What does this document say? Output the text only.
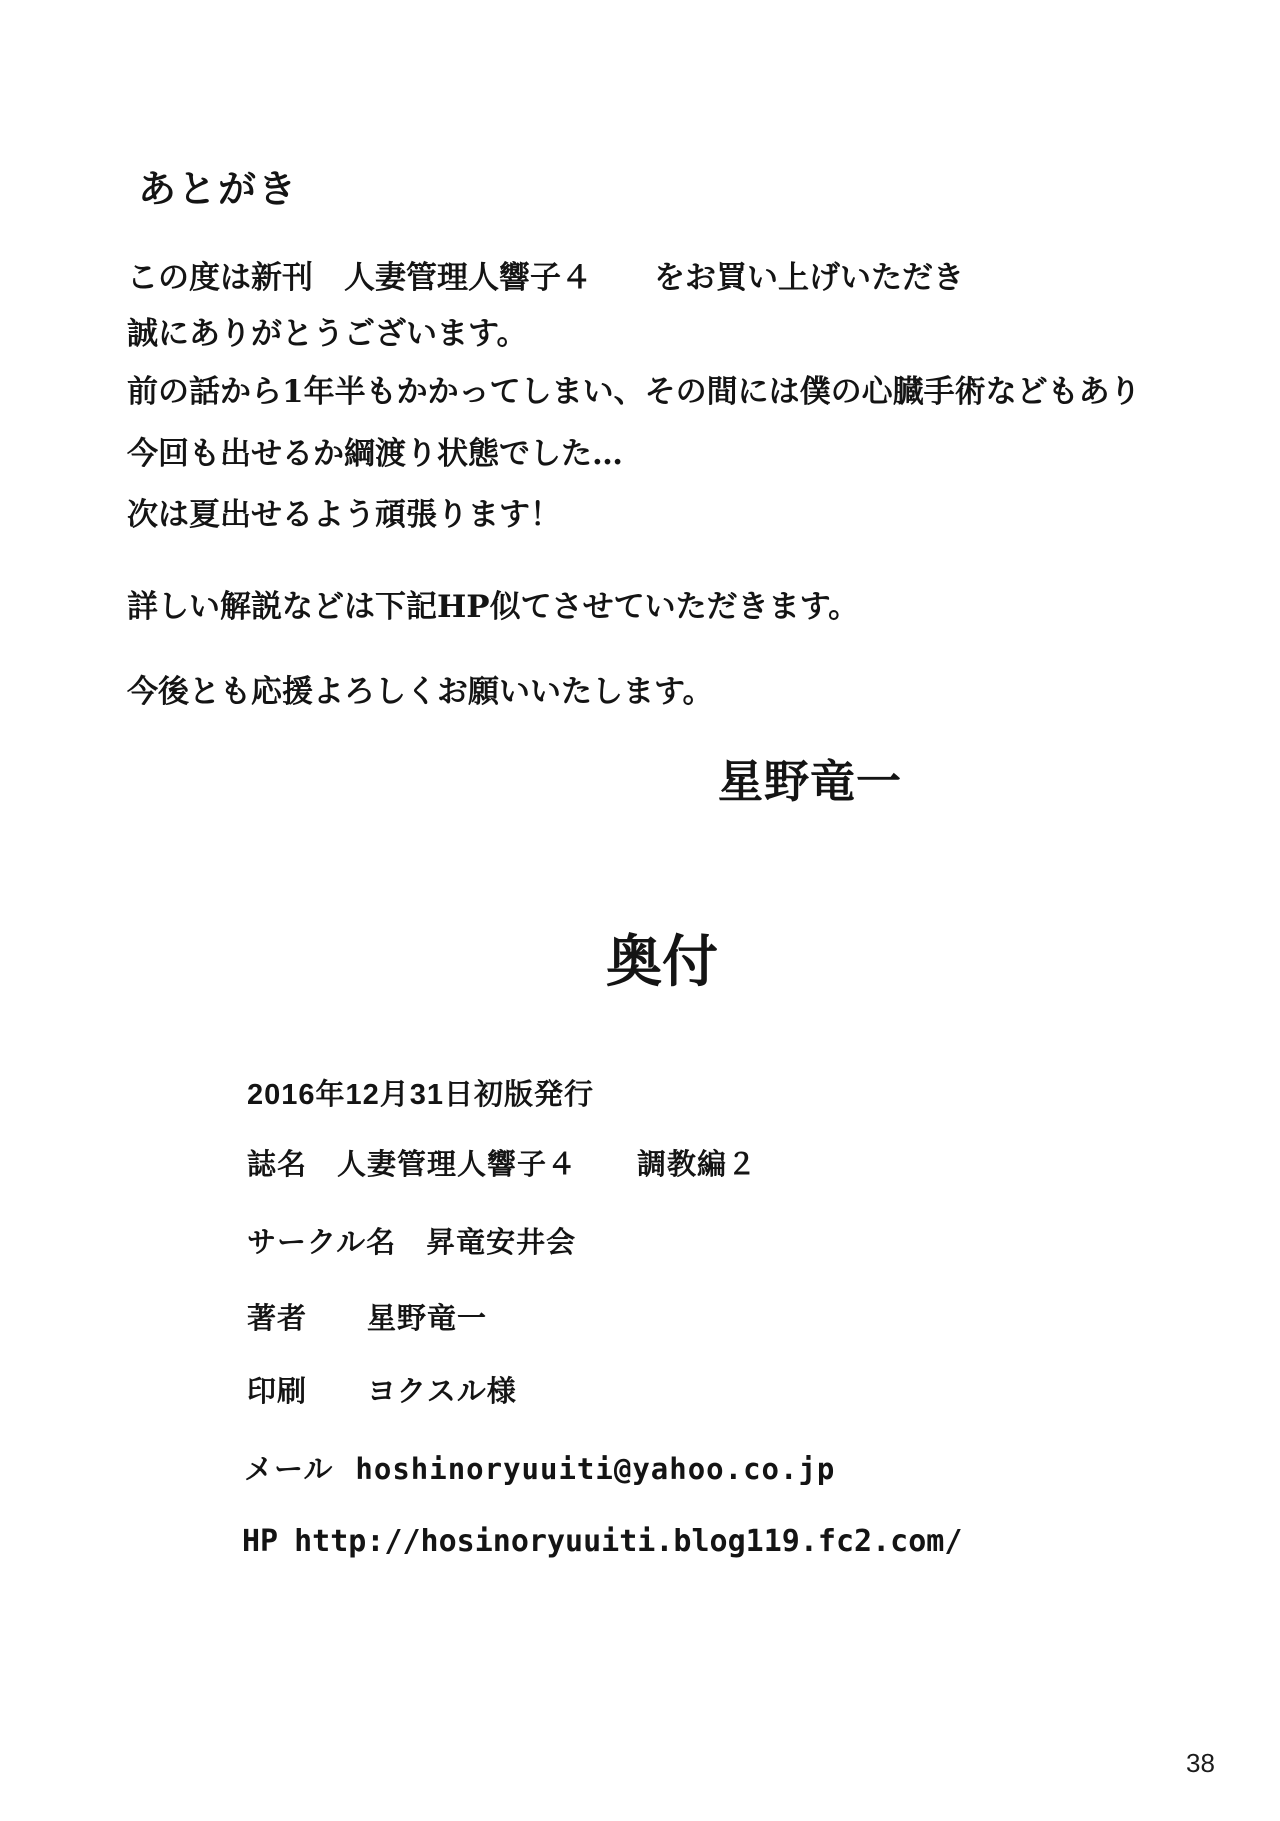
あとがき
この度は新刊　人妻管理人響子４　　をお買い上げいただき
誠にありがとうございます。
前の話から1年半もかかってしまい、その間には僕の心臓手術などもあり
今回も出せるか綱渡り状態でした…
次は夏出せるよう頑張ります！
詳しい解説などは下記HP似てさせていただきます。
今後とも応援よろしくお願いいたします。
星野竜一
奥付
2016年12月31日初版発行
誌名　人妻管理人響子４　　調教編２
サークル名　昇竜安井会
著者　　星野竜一
印刷　　ヨクスル様
メール hoshinoryuuiti@yahoo.co.jp
HP http://hosinoryuuiti.blog119.fc2.com/
38
